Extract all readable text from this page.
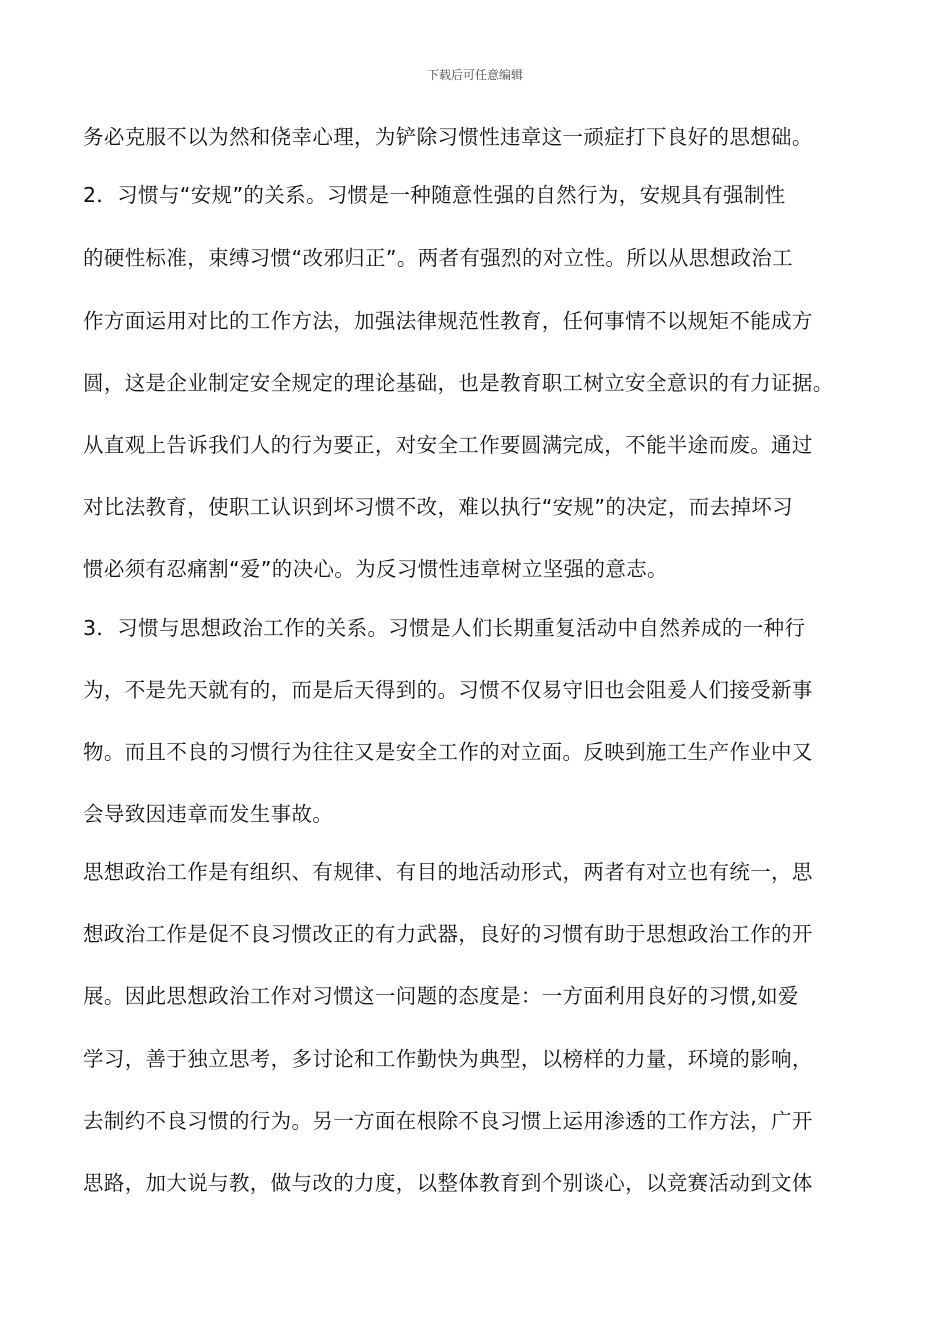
下载后可任意编辑
务必克服不以为然和侥幸心理，为铲除习惯性违章这一顽症打下良好的思想础。
2．习惯与“安规”的关系。习惯是一种随意性强的自然行为，安规具有强制性
的硬性标准，束缚习惯“改邪归正”。两者有强烈的对立性。所以从思想政治工
作方面运用对比的工作方法，加强法律规范性教育，任何事情不以规矩不能成方
圆，这是企业制定安全规定的理论基础，也是教育职工树立安全意识的有力证据。
从直观上告诉我们人的行为要正，对安全工作要圆满完成，不能半途而废。通过
对比法教育，使职工认识到坏习惯不改，难以执行“安规”的决定，而去掉坏习
惯必须有忍痛割“爱”的决心。为反习惯性违章树立坚强的意志。
3．习惯与思想政治工作的关系。习惯是人们长期重复活动中自然养成的一种行
为，不是先天就有的，而是后天得到的。习惯不仅易守旧也会阻爰人们接受新事
物。而且不良的习惯行为往往又是安全工作的对立面。反映到施工生产作业中又
会导致因违章而发生事故。
思想政治工作是有组织、有规律、有目的地活动形式，两者有对立也有统一，思
想政治工作是促不良习惯改正的有力武器，良好的习惯有助于思想政治工作的开
展。因此思想政治工作对习惯这一问题的态度是：一方面利用良好的习惯,如爱
学习，善于独立思考，多讨论和工作勤快为典型，以榜样的力量，环境的影响，
去制约不良习惯的行为。另一方面在根除不良习惯上运用渗透的工作方法，广开
思路，加大说与教，做与改的力度，以整体教育到个别谈心，以竞赛活动到文体
